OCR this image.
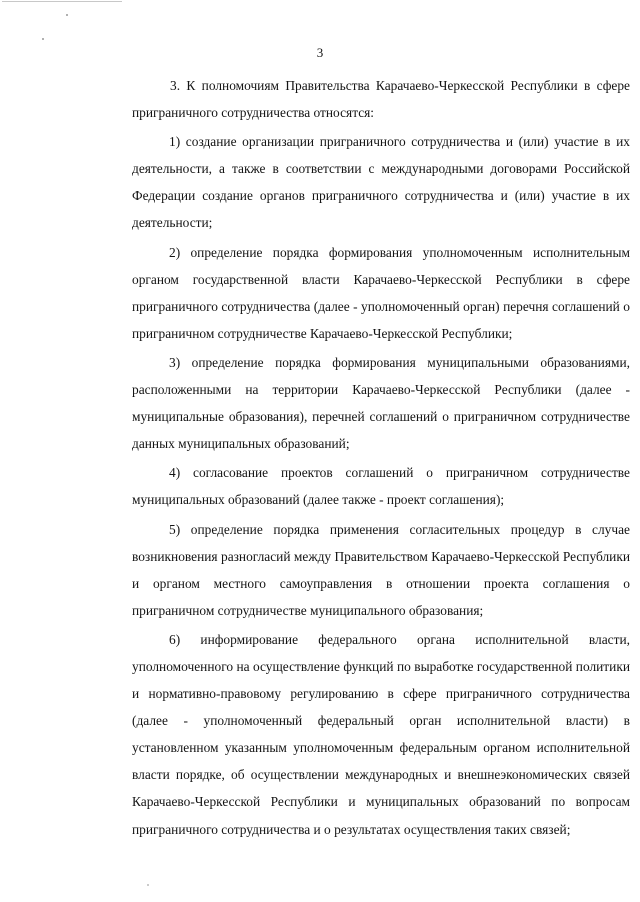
3

3. К полномочиям Правительства Карачаево-Черкесской Республики в сфере приграничного сотрудничества относятся:

1) создание организации приграничного сотрудничества и (или) участие в их деятельности, а также в соответствии с международными договорами Российской Федерации создание органов приграничного сотрудничества и (или) участие в их деятельности;

2) определение порядка формирования уполномоченным исполнительным органом государственной власти Карачаево-Черкесской Республики в сфере приграничного сотрудничества (далее - уполномоченный орган) перечня соглашений о приграничном сотрудничестве Карачаево-Черкесской Республики;

3) определение порядка формирования муниципальными образованиями, расположенными на территории Карачаево-Черкесской Республики (далее - муниципальные образования), перечней соглашений о приграничном сотрудничестве данных муниципальных образований;

4) согласование проектов соглашений о приграничном сотрудничестве муниципальных образований (далее также - проект соглашения);

5) определение порядка применения согласительных процедур в случае возникновения разногласий между Правительством Карачаево-Черкесской Республики и органом местного самоуправления в отношении проекта соглашения о приграничном сотрудничестве муниципального образования;

6) информирование федерального органа исполнительной власти, уполномоченного на осуществление функций по выработке государственной политики и нормативно-правовому регулированию в сфере приграничного сотрудничества (далее - уполномоченный федеральный орган исполнительной власти) в установленном указанным уполномоченным федеральным органом исполнительной власти порядке, об осуществлении международных и внешнеэкономических связей Карачаево-Черкесской Республики и муниципальных образований по вопросам приграничного сотрудничества и о результатах осуществления таких связей;
